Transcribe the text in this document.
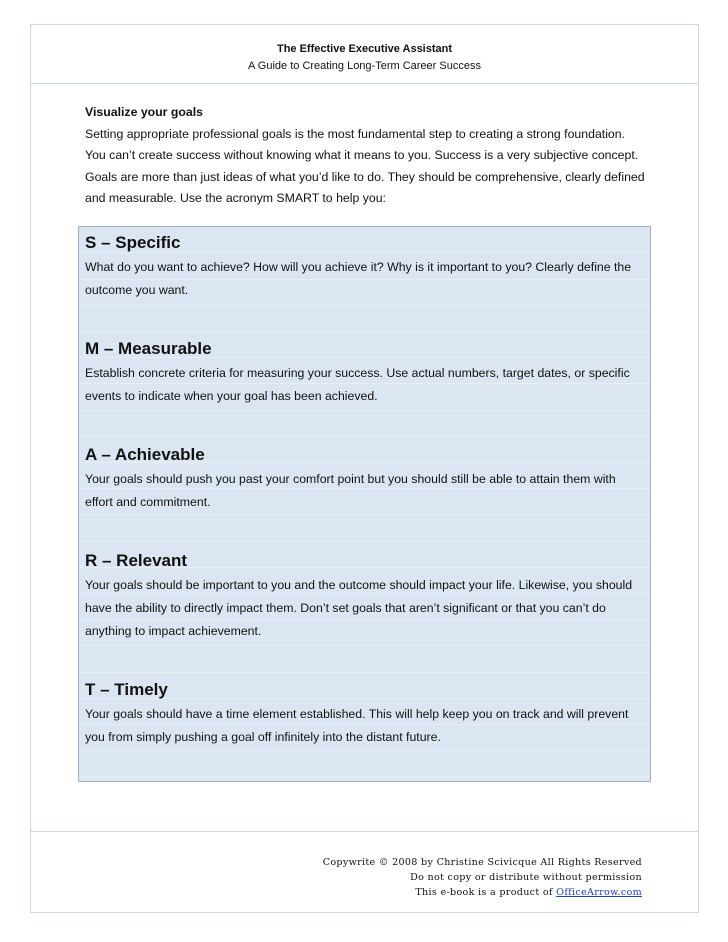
The Effective Executive Assistant
A Guide to Creating Long-Term Career Success
Visualize your goals
Setting appropriate professional goals is the most fundamental step to creating a strong foundation. You can’t create success without knowing what it means to you. Success is a very subjective concept. Goals are more than just ideas of what you’d like to do. They should be comprehensive, clearly defined and measurable. Use the acronym SMART to help you:
S – Specific
What do you want to achieve? How will you achieve it? Why is it important to you? Clearly define the outcome you want.
M – Measurable
Establish concrete criteria for measuring your success. Use actual numbers, target dates, or specific events to indicate when your goal has been achieved.
A – Achievable
Your goals should push you past your comfort point but you should still be able to attain them with effort and commitment.
R – Relevant
Your goals should be important to you and the outcome should impact your life. Likewise, you should have the ability to directly impact them. Don’t set goals that aren’t significant or that you can’t do anything to impact achievement.
T – Timely
Your goals should have a time element established. This will help keep you on track and will prevent you from simply pushing a goal off infinitely into the distant future.
Copywrite © 2008 by Christine Scivicque All Rights Reserved
Do not copy or distribute without permission
This e-book is a product of OfficeArrow.com
